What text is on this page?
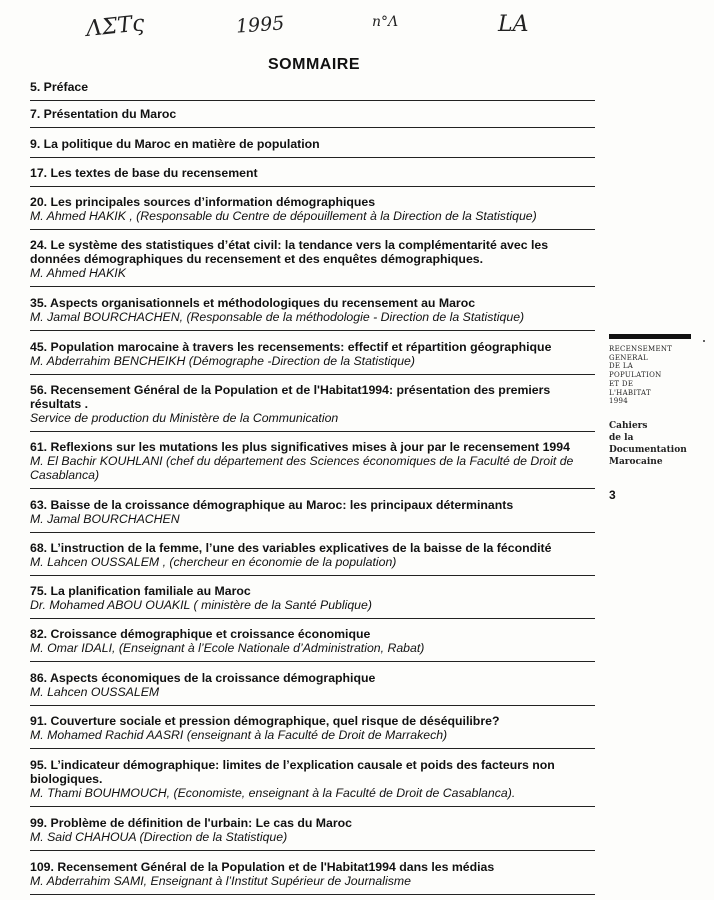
ΛΣΤς	1995	n°Λ	LA
SOMMAIRE
5. Préface
7. Présentation du Maroc
9. La politique du Maroc en matière de population
17. Les textes de base du recensement
20. Les principales sources d’information démographiques
M. Ahmed HAKIK , (Responsable du Centre de dépouillement à la Direction de la Statistique)
24. Le système des statistiques d’état civil: la tendance vers la complémentarité avec les données démographiques du recensement et des enquêtes démographiques.
M. Ahmed HAKIK
35. Aspects organisationnels et méthodologiques du recensement au Maroc
M. Jamal BOURCHACHEN, (Responsable de la méthodologie - Direction de la Statistique)
45. Population marocaine à travers les recensements: effectif et répartition géographique
M. Abderrahim BENCHEIKH (Démographe -Direction de la Statistique)
56. Recensement Général de la Population et de l'Habitat1994: présentation des premiers résultats .
Service de production du Ministère de la Communication
61. Reflexions sur les mutations les plus significatives mises à jour par le recensement 1994
M. El Bachir KOUHLANI (chef du département des Sciences économiques de la Faculté de Droit de Casablanca)
63. Baisse de la croissance démographique au Maroc: les principaux déterminants
M. Jamal BOURCHACHEN
68. L’instruction de la femme, l’une des variables explicatives de la baisse de la fécondité
M. Lahcen OUSSALEM , (chercheur en économie de la population)
75. La planification familiale au Maroc
Dr. Mohamed ABOU OUAKIL ( ministère de la Santé Publique)
82. Croissance démographique et croissance économique
M. Omar IDALI, (Enseignant à l’Ecole Nationale d’Administration, Rabat)
86. Aspects économiques de la croissance démographique
M. Lahcen OUSSALEM
91. Couverture sociale et pression démographique, quel risque de déséquilibre?
M. Mohamed Rachid AASRI (enseignant à la Faculté de Droit de Marrakech)
95. L’indicateur démographique: limites de l’explication causale et poids des facteurs non biologiques.
M. Thami BOUHMOUCH, (Economiste, enseignant à la Faculté de Droit de Casablanca).
99. Problème de définition de l'urbain: Le cas du Maroc
M. Said CHAHOUA (Direction de la Statistique)
109. Recensement Général de la Population et de l'Habitat1994 dans les médias
M. Abderrahim SAMI, Enseignant à l’Institut Supérieur de Journalisme
RECENSEMENT
GENERAL
DE LA
POPULATION
ET DE
L'HABITAT
1994
Cahiers
de la
Documentation
Marocaine
3
